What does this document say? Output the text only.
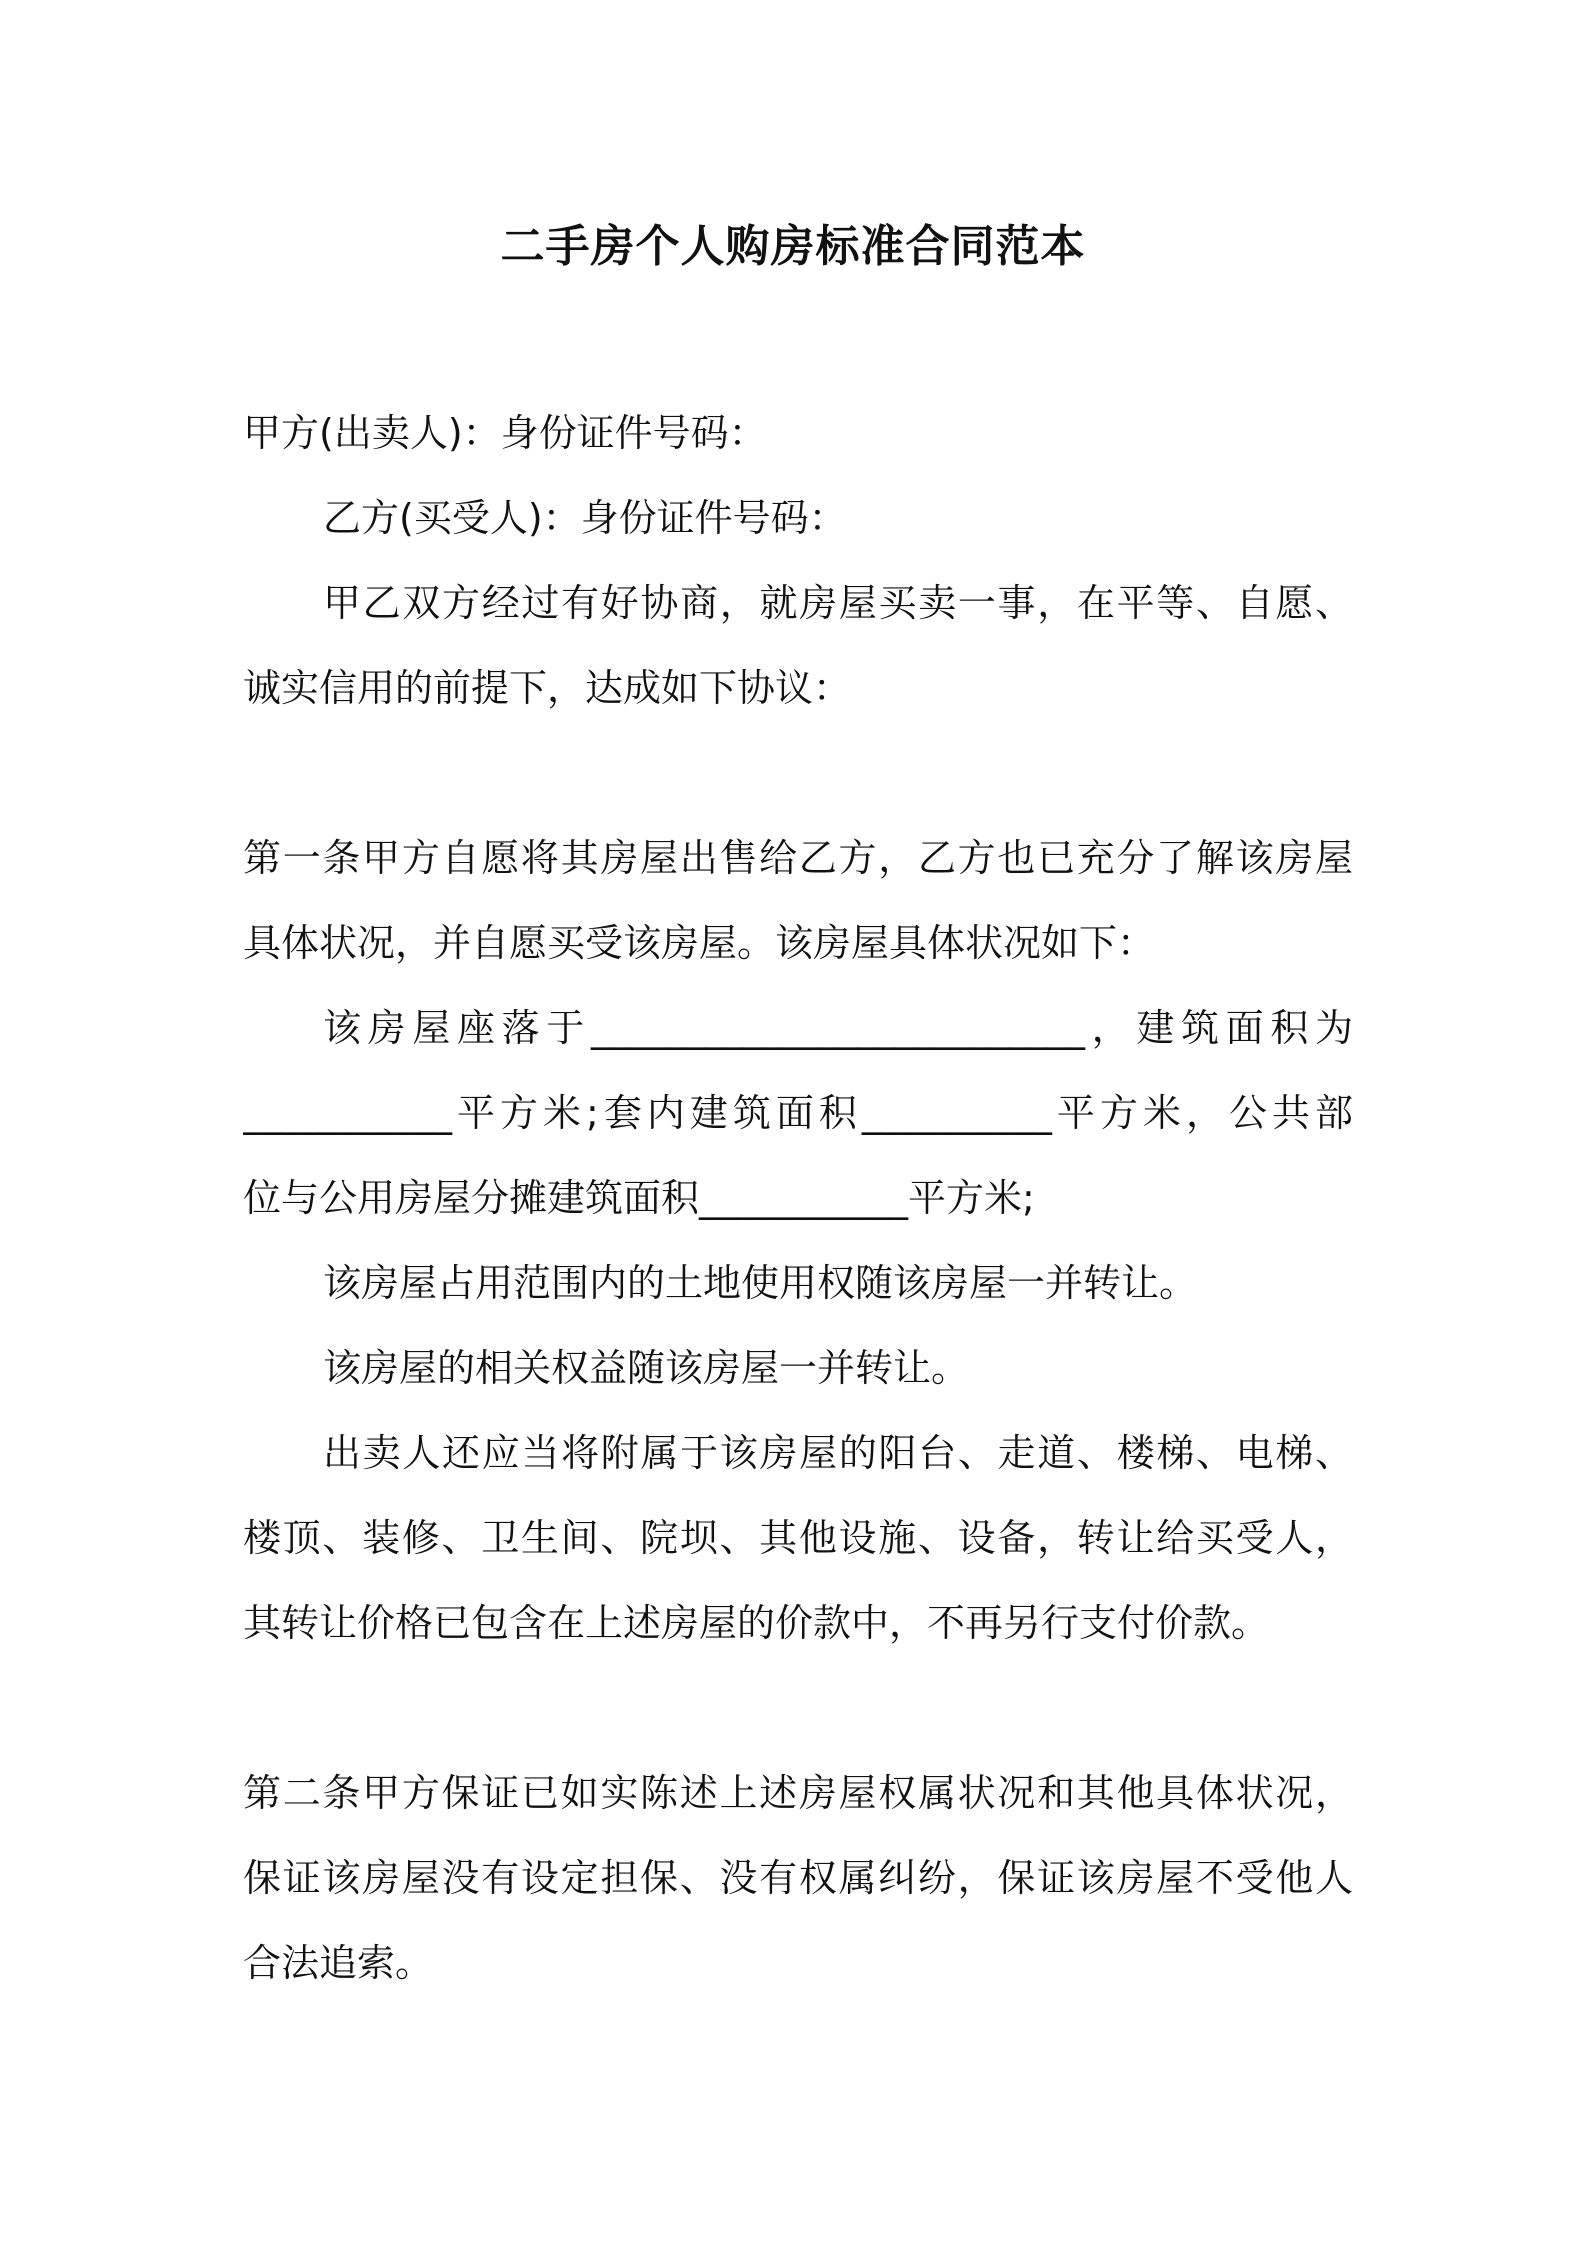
二手房个人购房标准合同范本
甲方(出卖人)：身份证件号码：
乙方(买受人)：身份证件号码：
甲乙双方经过有好协商，就房屋买卖一事，在平等、自愿、
诚实信用的前提下，达成如下协议：
第一条甲方自愿将其房屋出售给乙方，乙方也已充分了解该房屋
具体状况，并自愿买受该房屋。该房屋具体状况如下：
该房屋座落于__________________________，建筑面积为
___________平方米;套内建筑面积__________平方米，公共部
位与公用房屋分摊建筑面积___________平方米;
该房屋占用范围内的土地使用权随该房屋一并转让。
该房屋的相关权益随该房屋一并转让。
出卖人还应当将附属于该房屋的阳台、走道、楼梯、电梯、
楼顶、装修、卫生间、院坝、其他设施、设备，转让给买受人，
其转让价格已包含在上述房屋的价款中，不再另行支付价款。
第二条甲方保证已如实陈述上述房屋权属状况和其他具体状况，
保证该房屋没有设定担保、没有权属纠纷，保证该房屋不受他人
合法追索。
